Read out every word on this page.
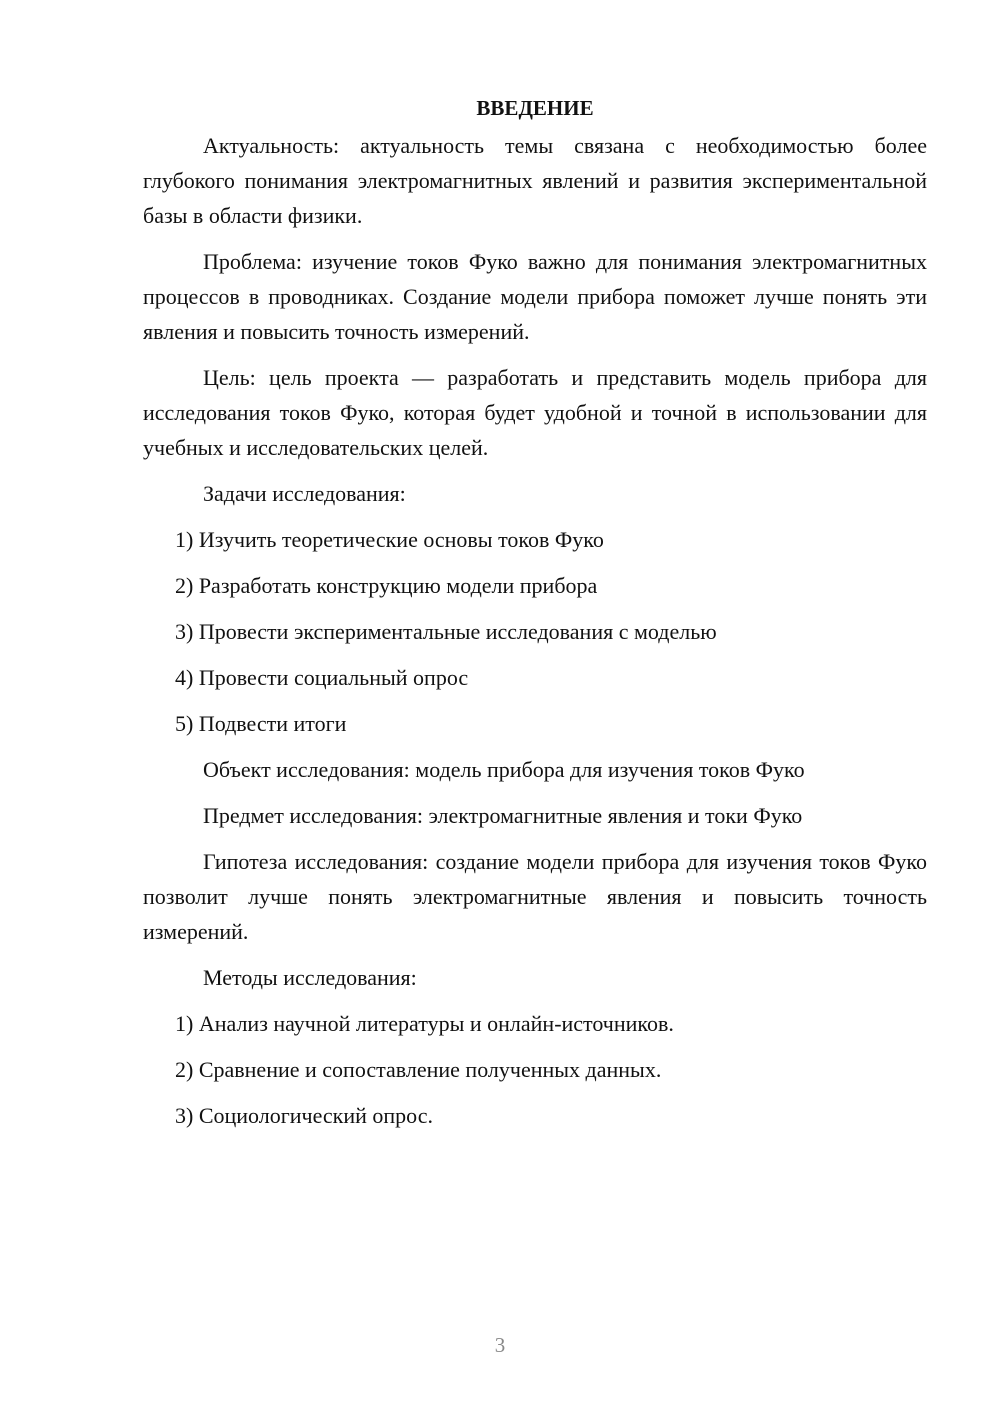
ВВЕДЕНИЕ

Актуальность: актуальность темы связана с необходимостью более глубокого понимания электромагнитных явлений и развития экспериментальной базы в области физики.

Проблема: изучение токов Фуко важно для понимания электромагнитных процессов в проводниках. Создание модели прибора поможет лучше понять эти явления и повысить точность измерений.

Цель: цель проекта — разработать и представить модель прибора для исследования токов Фуко, которая будет удобной и точной в использовании для учебных и исследовательских целей.

Задачи исследования:

1) Изучить теоретические основы токов Фуко

2) Разработать конструкцию модели прибора

3) Провести экспериментальные исследования с моделью

4) Провести социальный опрос

5) Подвести итоги

Объект исследования: модель прибора для изучения токов Фуко

Предмет исследования: электромагнитные явления и токи Фуко

Гипотеза исследования: создание модели прибора для изучения токов Фуко позволит лучше понять электромагнитные явления и повысить точность измерений.

Методы исследования:

1) Анализ научной литературы и онлайн-источников.

2) Сравнение и сопоставление полученных данных.

3) Социологический опрос.

3
